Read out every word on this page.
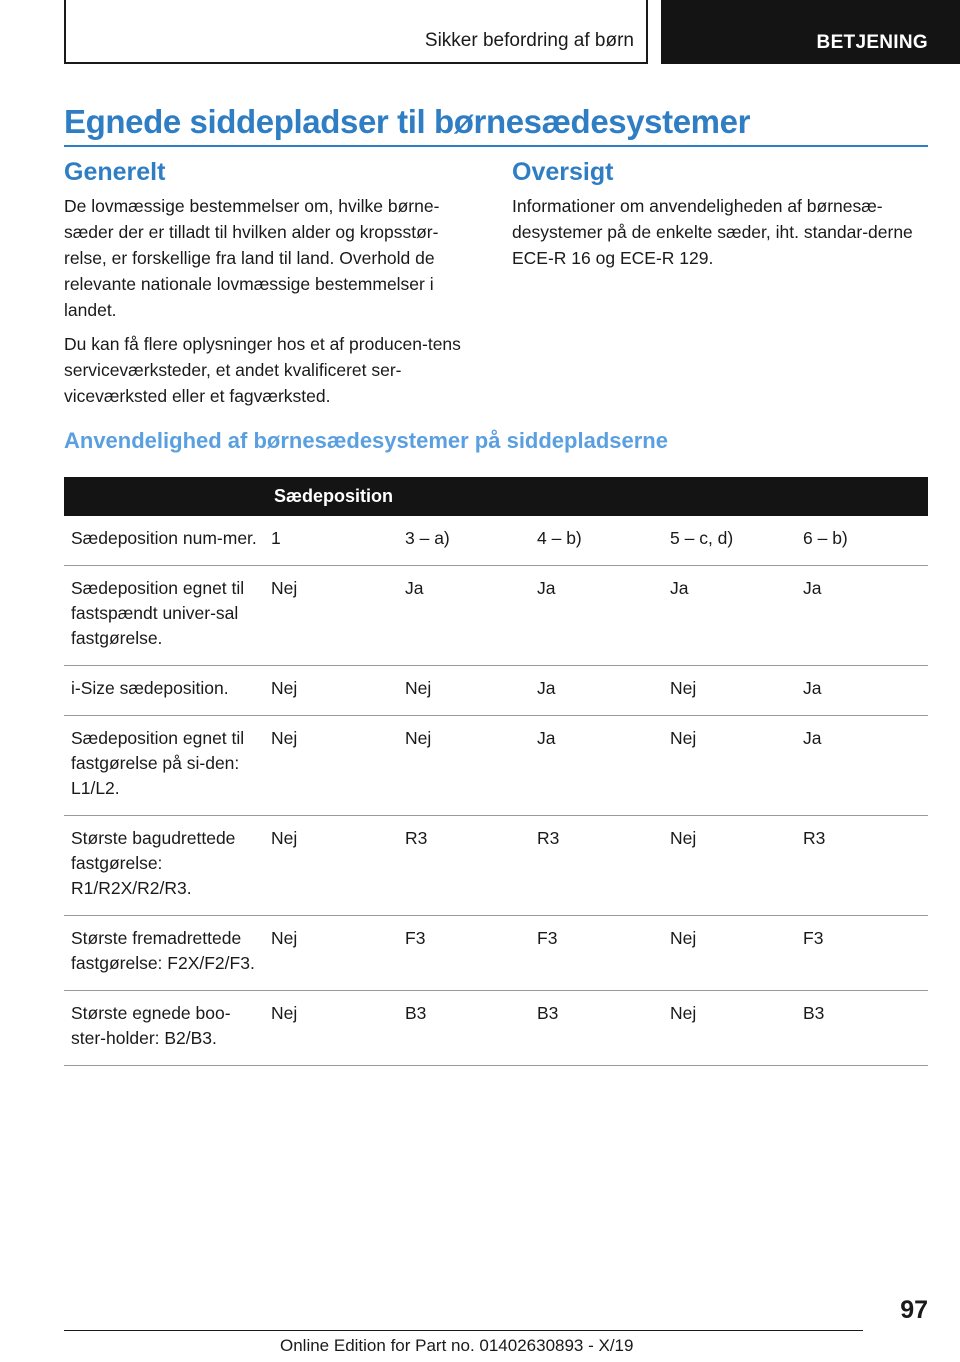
Sikker befordring af børn	BETJENING
Egnede siddepladser til børnesædesystemer
Generelt

De lovmæssige bestemmelser om, hvilke børne-sæder der er tilladt til hvilken alder og kropsstør-relse, er forskellige fra land til land. Overhold de relevante nationale lovmæssige bestemmelser i landet.

Du kan få flere oplysninger hos et af producen-tens serviceværksteder, et andet kvalificeret ser-viceværksted eller et fagværksted.

Oversigt

Informationer om anvendeligheden af børnesæ-desystemer på de enkelte sæder, iht. standar-derne ECE-R 16 og ECE-R 129.

Anvendelighed af børnesædesystemer på siddepladserne
	Sædeposition				
Sædeposition num-mer.	1	3 – a)	4 – b)	5 – c, d)	6 – b)
Sædeposition egnet til fastspændt univer-sal fastgørelse.	Nej	Ja	Ja	Ja	Ja
i-Size sædeposition.	Nej	Nej	Ja	Nej	Ja
Sædeposition egnet til fastgørelse på si-den: L1/L2.	Nej	Nej	Ja	Nej	Ja
Største bagudrettede fastgørelse: R1/R2X/R2/R3.	Nej	R3	R3	Nej	R3
Største fremadrettede fastgørelse: F2X/F2/F3.	Nej	F3	F3	Nej	F3
Største egnede boo-ster-holder: B2/B3.	Nej	B3	B3	Nej	B3
97
Online Edition for Part no. 01402630893 - X/19
